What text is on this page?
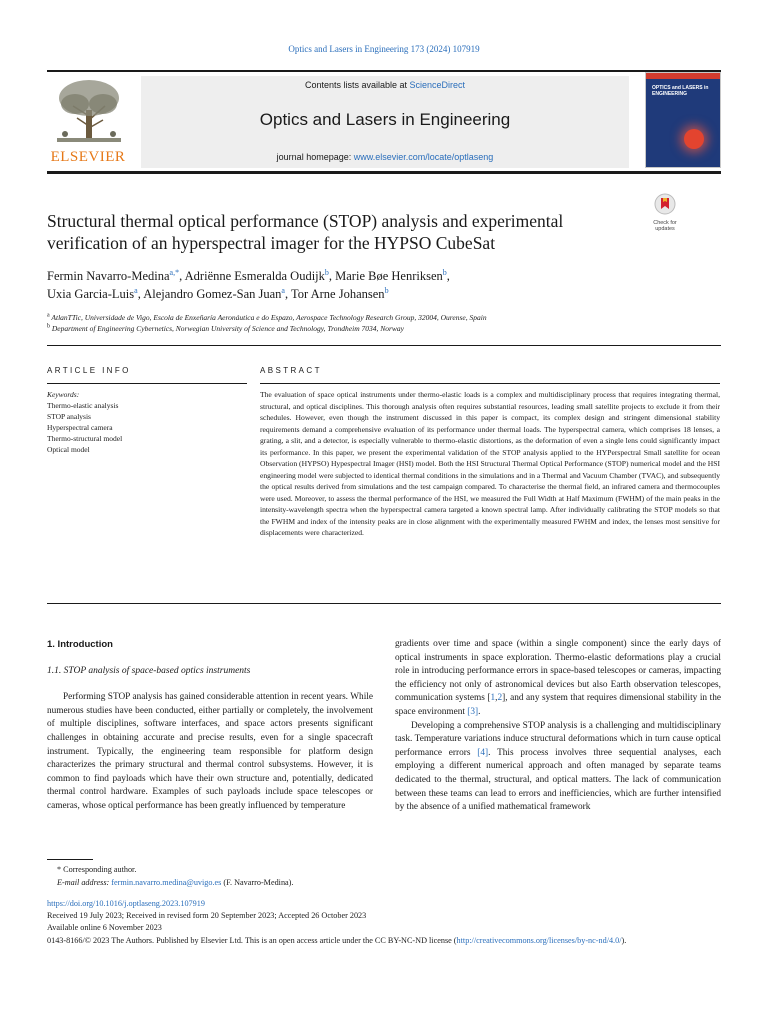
Optics and Lasers in Engineering 173 (2024) 107919
ELSEVIER
Contents lists available at ScienceDirect
Optics and Lasers in Engineering
journal homepage: www.elsevier.com/locate/optlaseng
OPTICS and LASERS in ENGINEERING
Structural thermal optical performance (STOP) analysis and experimental verification of an hyperspectral imager for the HYPSO CubeSat
Check for updates
Fermin Navarro-Medina$^{a,*}$, Adriënne Esmeralda Oudijk$^b$, Marie Bøe Henriksen$^b$,
Uxia Garcia-Luis$^a$, Alejandro Gomez-San Juan$^a$, Tor Arne Johansen$^b$
$^a$ AtlanTTic, Universidade de Vigo, Escola de Enxeñaría Aeronáutica e do Espazo, Aerospace Technology Research Group, 32004, Ourense, Spain
$^b$ Department of Engineering Cybernetics, Norwegian University of Science and Technology, Trondheim 7034, Norway
ARTICLE INFO
Keywords:
Thermo-elastic analysis
STOP analysis
Hyperspectral camera
Thermo-structural model
Optical model
ABSTRACT

The evaluation of space optical instruments under thermo-elastic loads is a complex and multidisciplinary process that requires integrating thermal, structural, and optical disciplines. This thorough analysis often requires substantial resources, leading small satellite projects to exclude it from their schedules. However, even though the instrument discussed in this paper is compact, its complex design and stringent dimensional stability requirements demand a comprehensive evaluation of its performance under thermal loads. The hyperspectral camera, which comprises 18 lenses, a grating, a slit, and a detector, is especially vulnerable to thermo-elastic distortions, as the deformation of even a single lens could significantly impact its performance. In this paper, we present the experimental validation of the STOP analysis applied to the HYPerspectral Small satellite for ocean Observation (HYPSO) Hypespectral Imager (HSI) model. Both the HSI Structural Thermal Optical Performance (STOP) numerical model and the HSI engineering model were subjected to identical thermal conditions in the simulations and in a Thermal and Vacuum Chamber (TVAC), and subsequently the optical results derived from simulations and the test campaign compared. To characterise the thermal field, an infrared camera and thermocouples were used. Moreover, to assess the thermal performance of the HSI, we measured the Full Width at Half Maximum (FWHM) of the main peaks in the intensity-wavelength spectra when the hyperspectral camera targeted a known spectral lamp. After individually calibrating the STOP models so that the FWHM and index of the intensity peaks are in close alignment with the experimentally measured FWHM and index, the lenses most sensitive for displacements were characterized.

1. Introduction
1.1. STOP analysis of space-based optics instruments

Performing STOP analysis has gained considerable attention in recent years. While numerous studies have been conducted, either partially or completely, the involvement of multiple disciplines, software interfaces, and space actors presents significant challenges in obtaining accurate and precise results, even for a single spacecraft instrument. Typically, the engineering team responsible for platform design characterizes the primary structural and thermal control subsystems. However, it is common to find payloads which have their own structure and, potentially, dedicated thermal control hardware. Examples of such payloads include space telescopes or cameras, whose optical performance has been greatly influenced by temperature

gradients over time and space (within a single component) since the early days of optical instruments in space exploration. Thermo-elastic deformations play a crucial role in introducing performance errors in space-based telescopes or cameras, impacting the efficiency not only of astronomical devices but also Earth observation telescopes, communication systems [1,2], and any system that requires dimensional stability in the space environment [3].

Developing a comprehensive STOP analysis is a challenging and multidisciplinary task. Temperature variations induce structural deformations which in turn cause optical performance errors [4]. This process involves three sequential analyses, each employing a different numerical approach and often managed by separate teams dedicated to the thermal, structural, and optical matters. The lack of communication between these teams can lead to errors and inefficiencies, which are further intensified by the absence of a unified mathematical framework

* Corresponding author.
E-mail address: fermin.navarro.medina@uvigo.es (F. Navarro-Medina).
https://doi.org/10.1016/j.optlaseng.2023.107919
Received 19 July 2023; Received in revised form 20 September 2023; Accepted 26 October 2023
Available online 6 November 2023
0143-8166/© 2023 The Authors. Published by Elsevier Ltd. This is an open access article under the CC BY-NC-ND license (http://creativecommons.org/licenses/by-nc-nd/4.0/).
